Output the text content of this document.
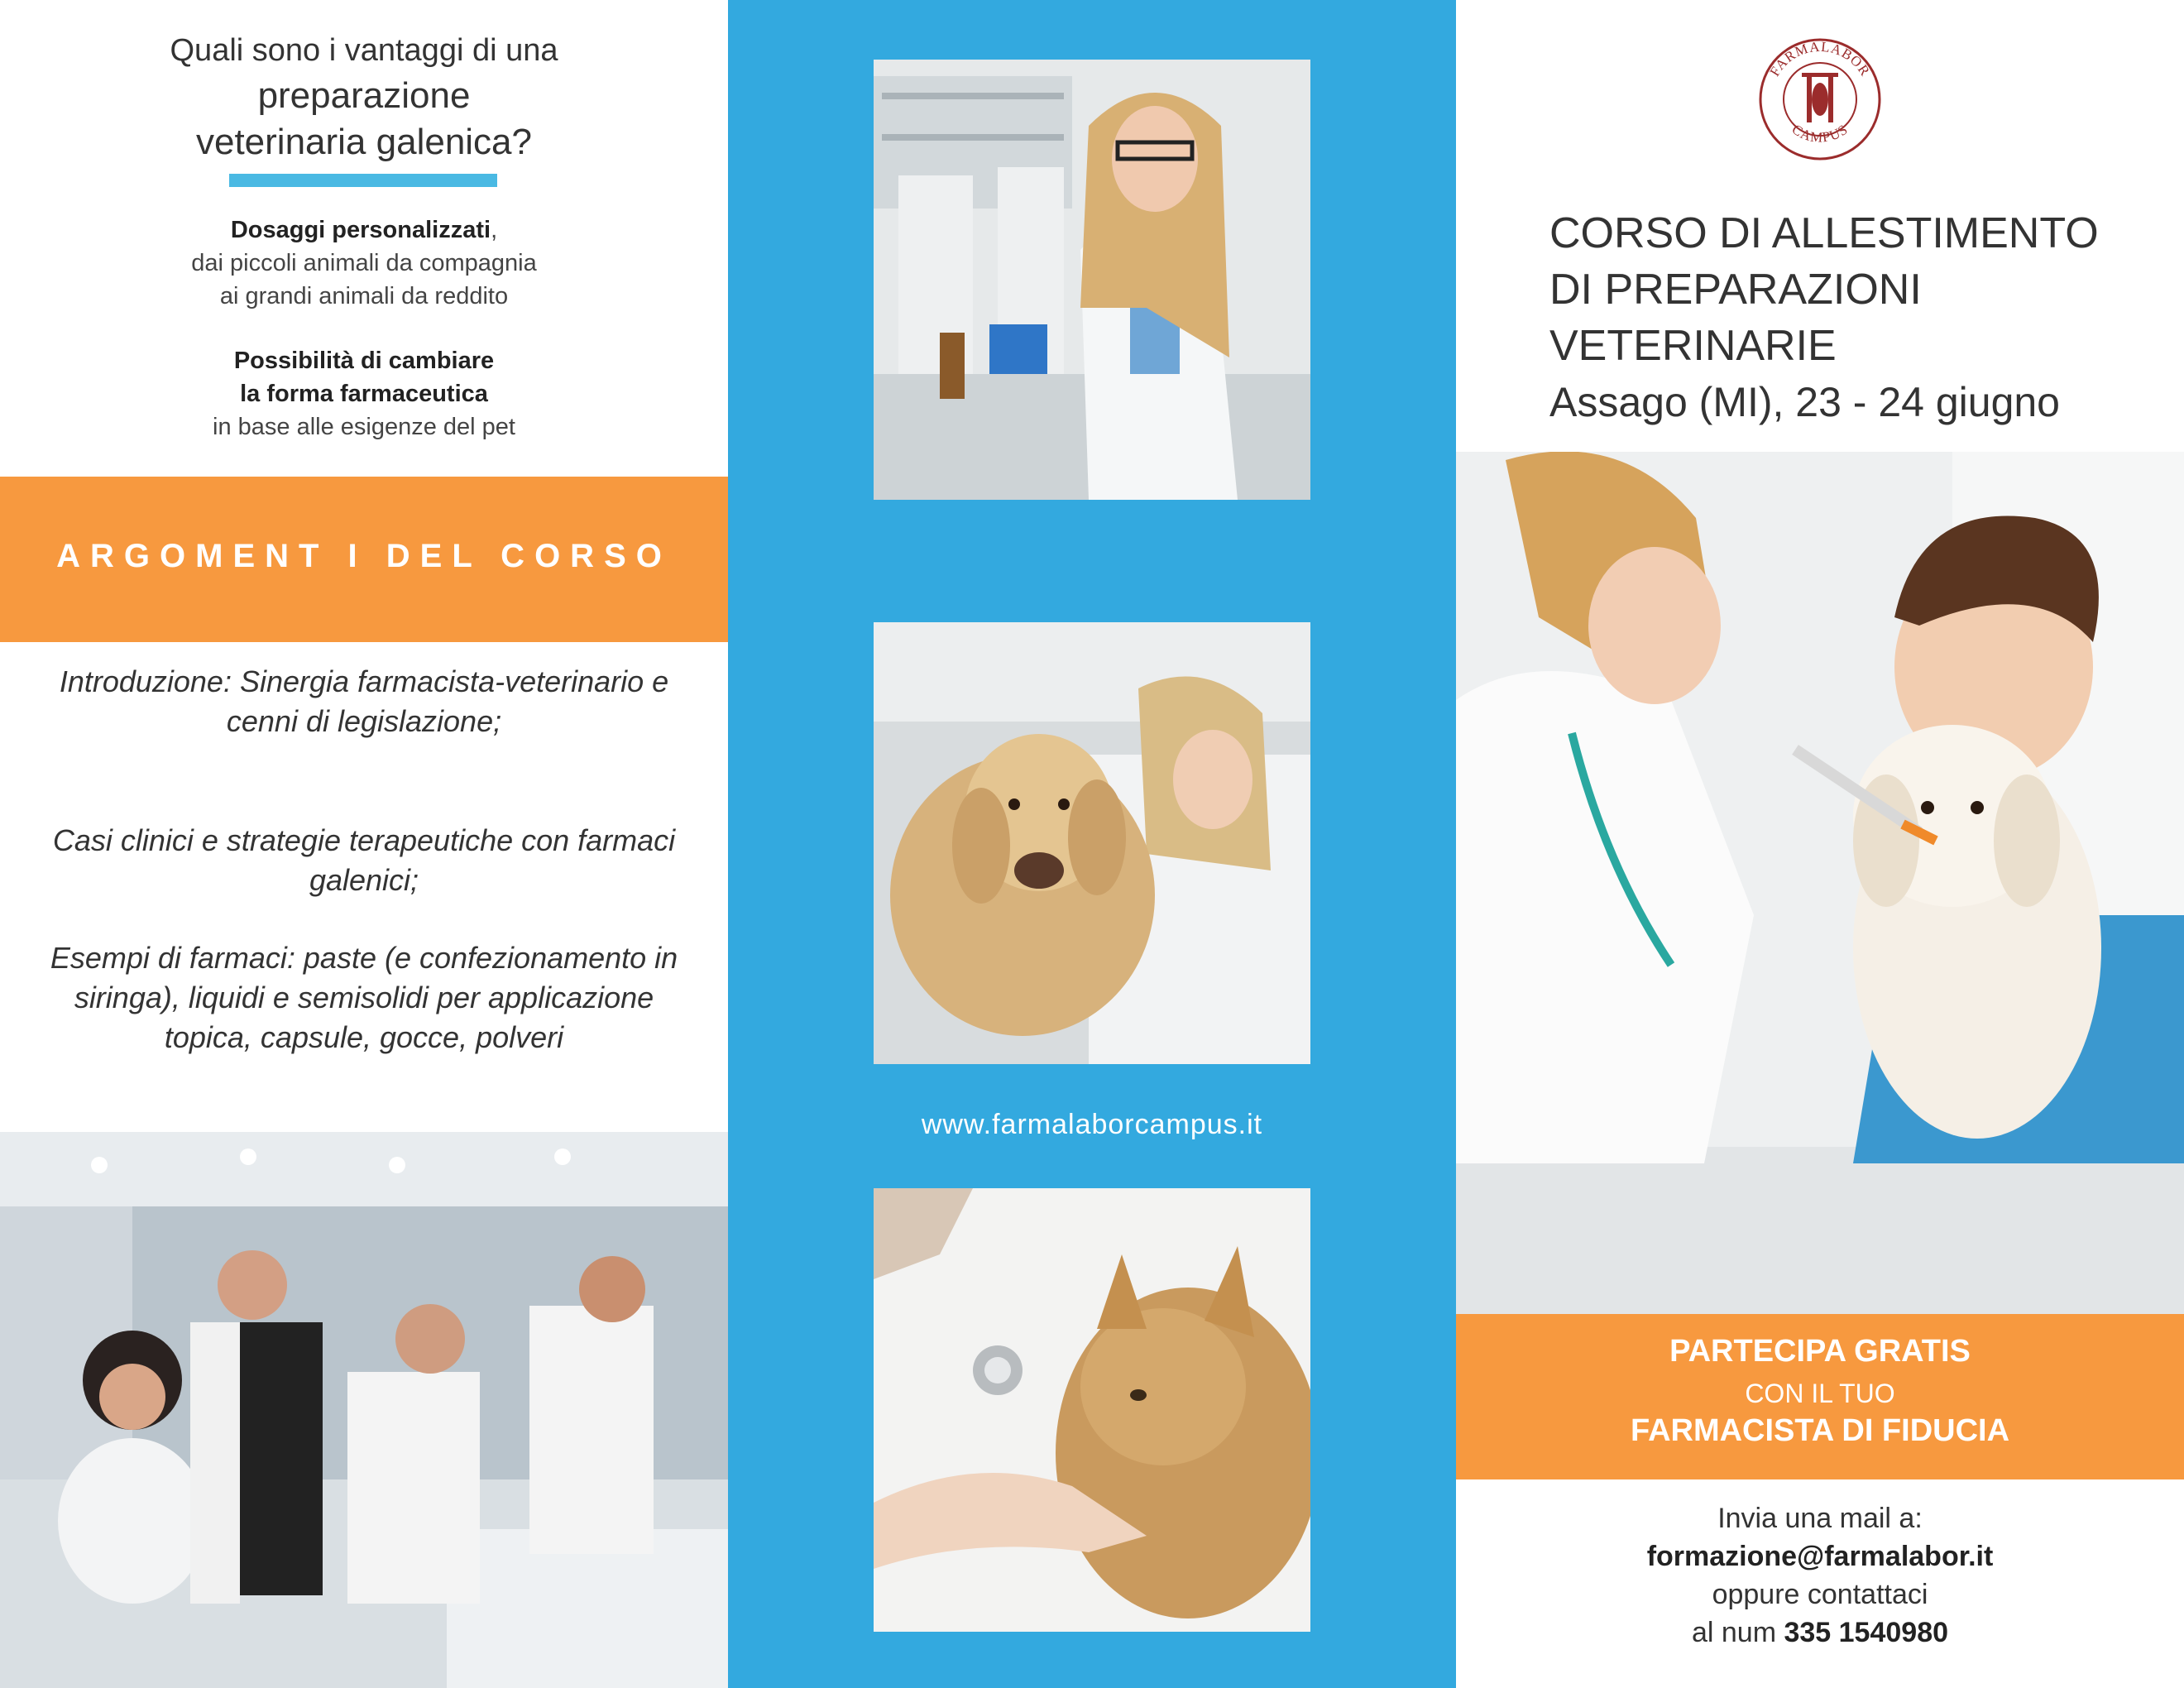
Quali sono i vantaggi di una
preparazione
veterinaria galenica?
Dosaggi personalizzati,
dai piccoli animali da compagnia
ai grandi animali da reddito
Possibilità di cambiare
la forma farmaceutica
in base alle esigenze del pet
ARGOMENT I DEL CORSO
Introduzione: Sinergia farmacista-veterinario e cenni di legislazione;
Casi clinici e strategie terapeutiche con farmaci galenici;
Esempi di farmaci: paste (e confezionamento in siringa), liquidi e semisolidi per applicazione topica, capsule, gocce, polveri
www.farmalaborcampus.it
FARMALABOR
CAMPUS
CORSO DI ALLESTIMENTO
DI PREPARAZIONI
VETERINARIE
Assago (MI), 23 - 24 giugno
PARTECIPA GRATIS
CON IL TUO
FARMACISTA DI FIDUCIA
Invia una mail a:
formazione@farmalabor.it
oppure contattaci
al num 335 1540980
